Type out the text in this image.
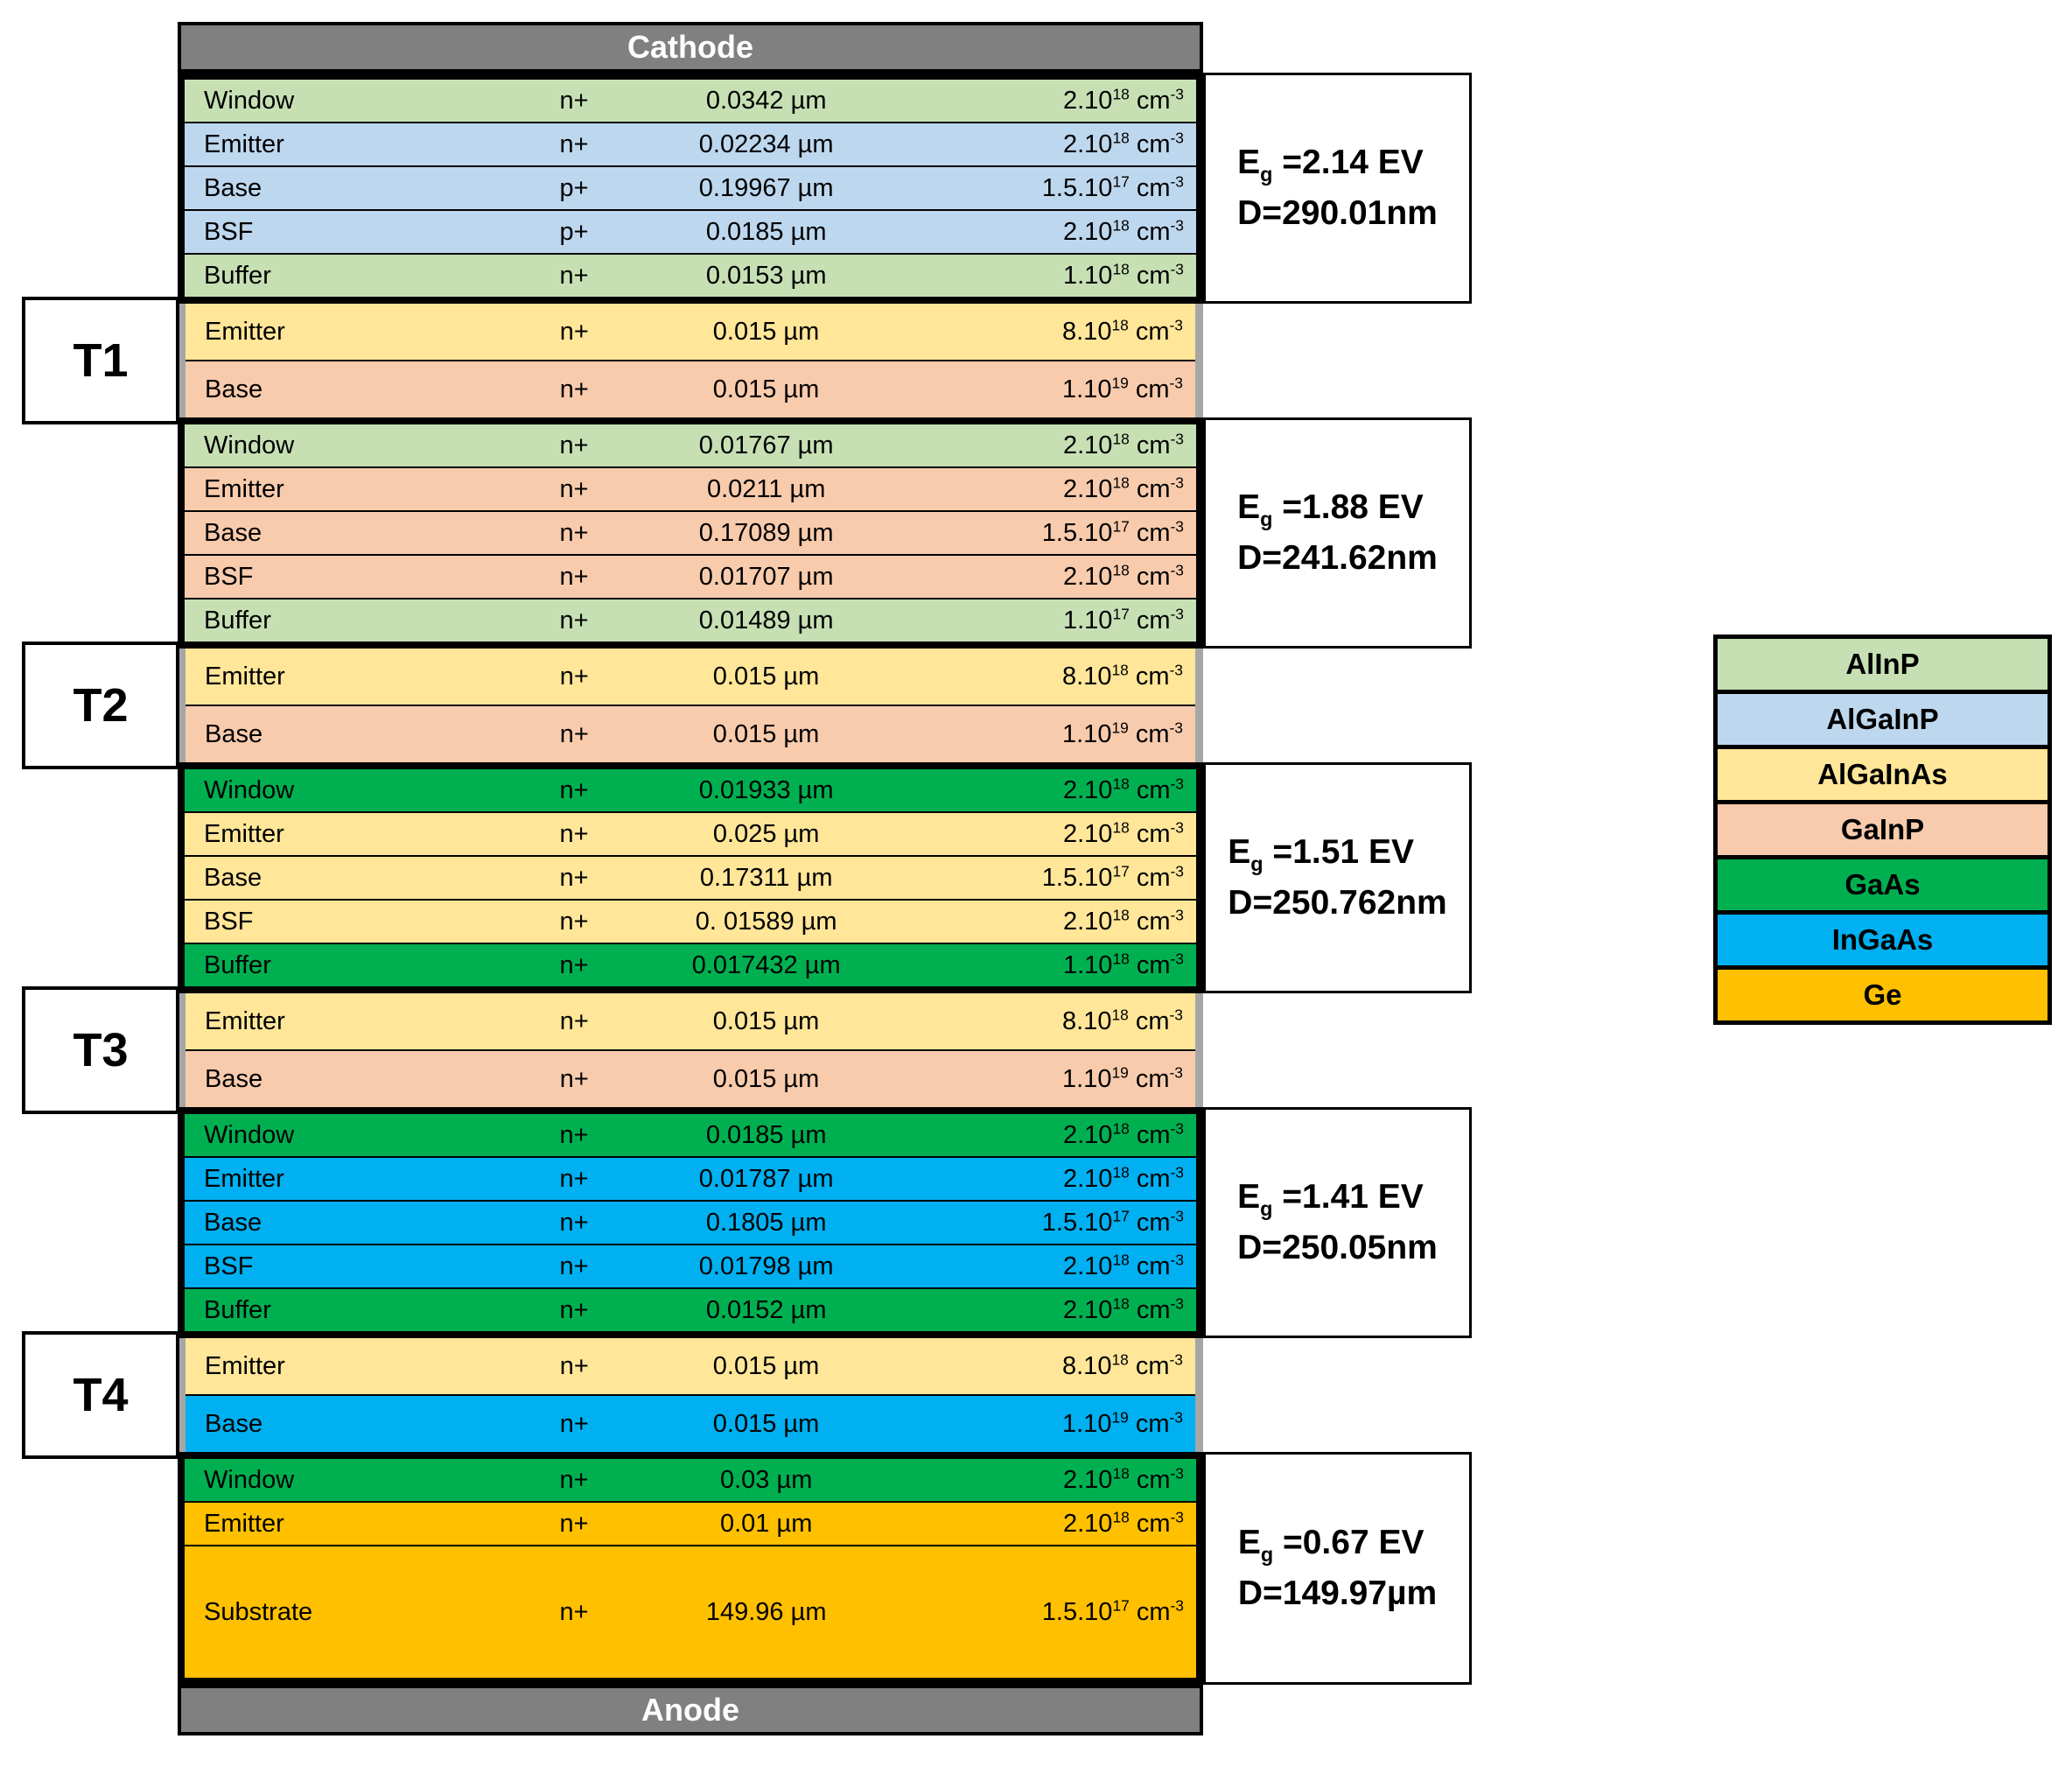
Cathode
Window	n+	0.0342 µm	2.10$^{18}$ $cm^{-3}$
Emitter	n+	0.02234 µm	2.10$^{18}$ $cm^{-3}$
Base	p+	0.19967 µm	1.5.10$^{17}$ $cm^{-3}$
BSF	p+	0.0185 µm	2.10$^{18}$ $cm^{-3}$
Buffer	n+	0.0153 µm	1.10$^{18}$ $cm^{-3}$
Emitter	n+	0.015 µm	8.10$^{18}$ $cm^{-3}$
Base	n+	0.015 µm	1.10$^{19}$ $cm^{-3}$
Window	n+	0.01767 µm	2.10$^{18}$ $cm^{-3}$
Emitter	n+	0.0211 µm	2.10$^{18}$ $cm^{-3}$
Base	n+	0.17089 µm	1.5.10$^{17}$ $cm^{-3}$
BSF	n+	0.01707 µm	2.10$^{18}$ $cm^{-3}$
Buffer	n+	0.01489 µm	1.10$^{17}$ $cm^{-3}$
Emitter	n+	0.015 µm	8.10$^{18}$ $cm^{-3}$
Base	n+	0.015 µm	1.10$^{19}$ $cm^{-3}$
Window	n+	0.01933 µm	2.10$^{18}$ $cm^{-3}$
Emitter	n+	0.025 µm	2.10$^{18}$ $cm^{-3}$
Base	n+	0.17311 µm	1.5.10$^{17}$ $cm^{-3}$
BSF	n+	0. 01589 µm	2.10$^{18}$ $cm^{-3}$
Buffer	n+	0.017432 µm	1.10$^{18}$ $cm^{-3}$
Emitter	n+	0.015 µm	8.10$^{18}$ $cm^{-3}$
Base	n+	0.015 µm	1.10$^{19}$ $cm^{-3}$
Window	n+	0.0185 µm	2.10$^{18}$ $cm^{-3}$
Emitter	n+	0.01787 µm	2.10$^{18}$ $cm^{-3}$
Base	n+	0.1805 µm	1.5.10$^{17}$ $cm^{-3}$
BSF	n+	0.01798 µm	2.10$^{18}$ $cm^{-3}$
Buffer	n+	0.0152 µm	2.10$^{18}$ $cm^{-3}$
Emitter	n+	0.015 µm	8.10$^{18}$ $cm^{-3}$
Base	n+	0.015 µm	1.10$^{19}$ $cm^{-3}$
Window	n+	0.03 µm	2.10$^{18}$ $cm^{-3}$
Emitter	n+	0.01 µm	2.10$^{18}$ $cm^{-3}$
Substrate	n+	149.96 µm	1.5.10$^{17}$ $cm^{-3}$
Anode
$E_g =2.14$ EV
D=290.01nm
T1
$E_g =1.88$ EV
D=241.62nm
T2
$E_g =1.51$ EV
D=250.762nm
T3
$E_g =1.41$ EV
D=250.05nm
T4
$E_g =0.67$ EV
D=149.97µm
AlInP
AlGaInP
AlGaInAs
GaInP
GaAs
InGaAs
Ge
